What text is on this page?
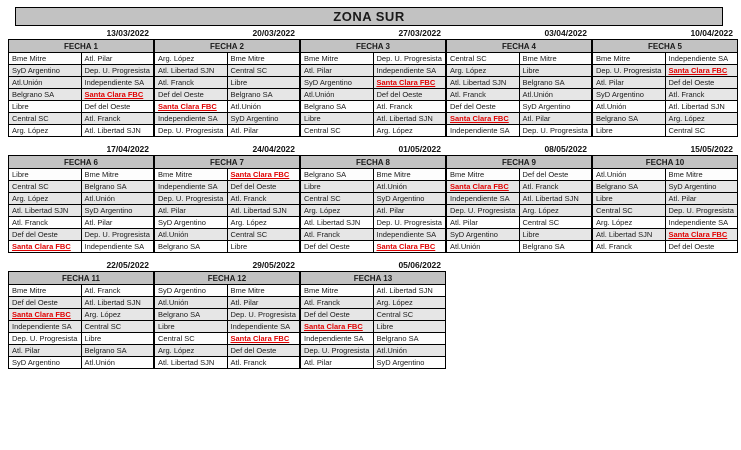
ZONA SUR
13/03/2022
FECHA 1	
Bme Mitre	Atl. Pilar
SyD Argentino	Dep. U. Progresista
Atl.Unión	Independiente SA
Belgrano SA	Santa Clara FBC
Libre	Def del Oeste
Central SC	Atl. Franck
Arg. López	Atl. Libertad SJN
20/03/2022
FECHA 2	
Arg. López	Bme Mitre
Atl. Libertad SJN	Central SC
Atl. Franck	Libre
Def del Oeste	Belgrano SA
Santa Clara FBC	Atl.Unión
Independiente SA	SyD Argentino
Dep. U. Progresista	Atl. Pilar
27/03/2022
FECHA 3	
Bme Mitre	Dep. U. Progresista
Atl. Pilar	Independiente SA
SyD Argentino	Santa Clara FBC
Atl.Unión	Def del Oeste
Belgrano SA	Atl. Franck
Libre	Atl. Libertad SJN
Central SC	Arg. López
03/04/2022
FECHA 4	
Central SC	Bme Mitre
Arg. López	Libre
Atl. Libertad SJN	Belgrano SA
Atl. Franck	Atl.Unión
Def del Oeste	SyD Argentino
Santa Clara FBC	Atl. Pilar
Independiente SA	Dep. U. Progresista
10/04/2022
FECHA 5	
Bme Mitre	Independiente SA
Dep. U. Progresista	Santa Clara FBC
Atl. Pilar	Def del Oeste
SyD Argentino	Atl. Franck
Atl.Unión	Atl. Libertad SJN
Belgrano SA	Arg. López
Libre	Central SC
17/04/2022
FECHA 6	
Libre	Bme Mitre
Central SC	Belgrano SA
Arg. López	Atl.Unión
Atl. Libertad SJN	SyD Argentino
Atl. Franck	Atl. Pilar
Def del Oeste	Dep. U. Progresista
Santa Clara FBC	Independiente SA
24/04/2022
FECHA 7	
Bme Mitre	Santa Clara FBC
Independiente SA	Def del Oeste
Dep. U. Progresista	Atl. Franck
Atl. Pilar	Atl. Libertad SJN
SyD Argentino	Arg. López
Atl.Unión	Central SC
Belgrano SA	Libre
01/05/2022
FECHA 8	
Belgrano SA	Bme Mitre
Libre	Atl.Unión
Central SC	SyD Argentino
Arg. López	Atl. Pilar
Atl. Libertad SJN	Dep. U. Progresista
Atl. Franck	Independiente SA
Def del Oeste	Santa Clara FBC
08/05/2022
FECHA 9	
Bme Mitre	Def del Oeste
Santa Clara FBC	Atl. Franck
Independiente SA	Atl. Libertad SJN
Dep. U. Progresista	Arg. López
Atl. Pilar	Central SC
SyD Argentino	Libre
Atl.Unión	Belgrano SA
15/05/2022
FECHA 10	
Atl.Unión	Bme Mitre
Belgrano SA	SyD Argentino
Libre	Atl. Pilar
Central SC	Dep. U. Progresista
Arg. López	Independiente SA
Atl. Libertad SJN	Santa Clara FBC
Atl. Franck	Def del Oeste
22/05/2022
FECHA 11	
Bme Mitre	Atl. Franck
Def del Oeste	Atl. Libertad SJN
Santa Clara FBC	Arg. López
Independiente SA	Central SC
Dep. U. Progresista	Libre
Atl. Pilar	Belgrano SA
SyD Argentino	Atl.Unión
29/05/2022
FECHA 12	
SyD Argentino	Bme Mitre
Atl.Unión	Atl. Pilar
Belgrano SA	Dep. U. Progresista
Libre	Independiente SA
Central SC	Santa Clara FBC
Arg. López	Def del Oeste
Atl. Libertad SJN	Atl. Franck
05/06/2022
FECHA 13	
Bme Mitre	Atl. Libertad SJN
Atl. Franck	Arg. López
Def del Oeste	Central SC
Santa Clara FBC	Libre
Independiente SA	Belgrano SA
Dep. U. Progresista	Atl.Unión
Atl. Pilar	SyD Argentino
